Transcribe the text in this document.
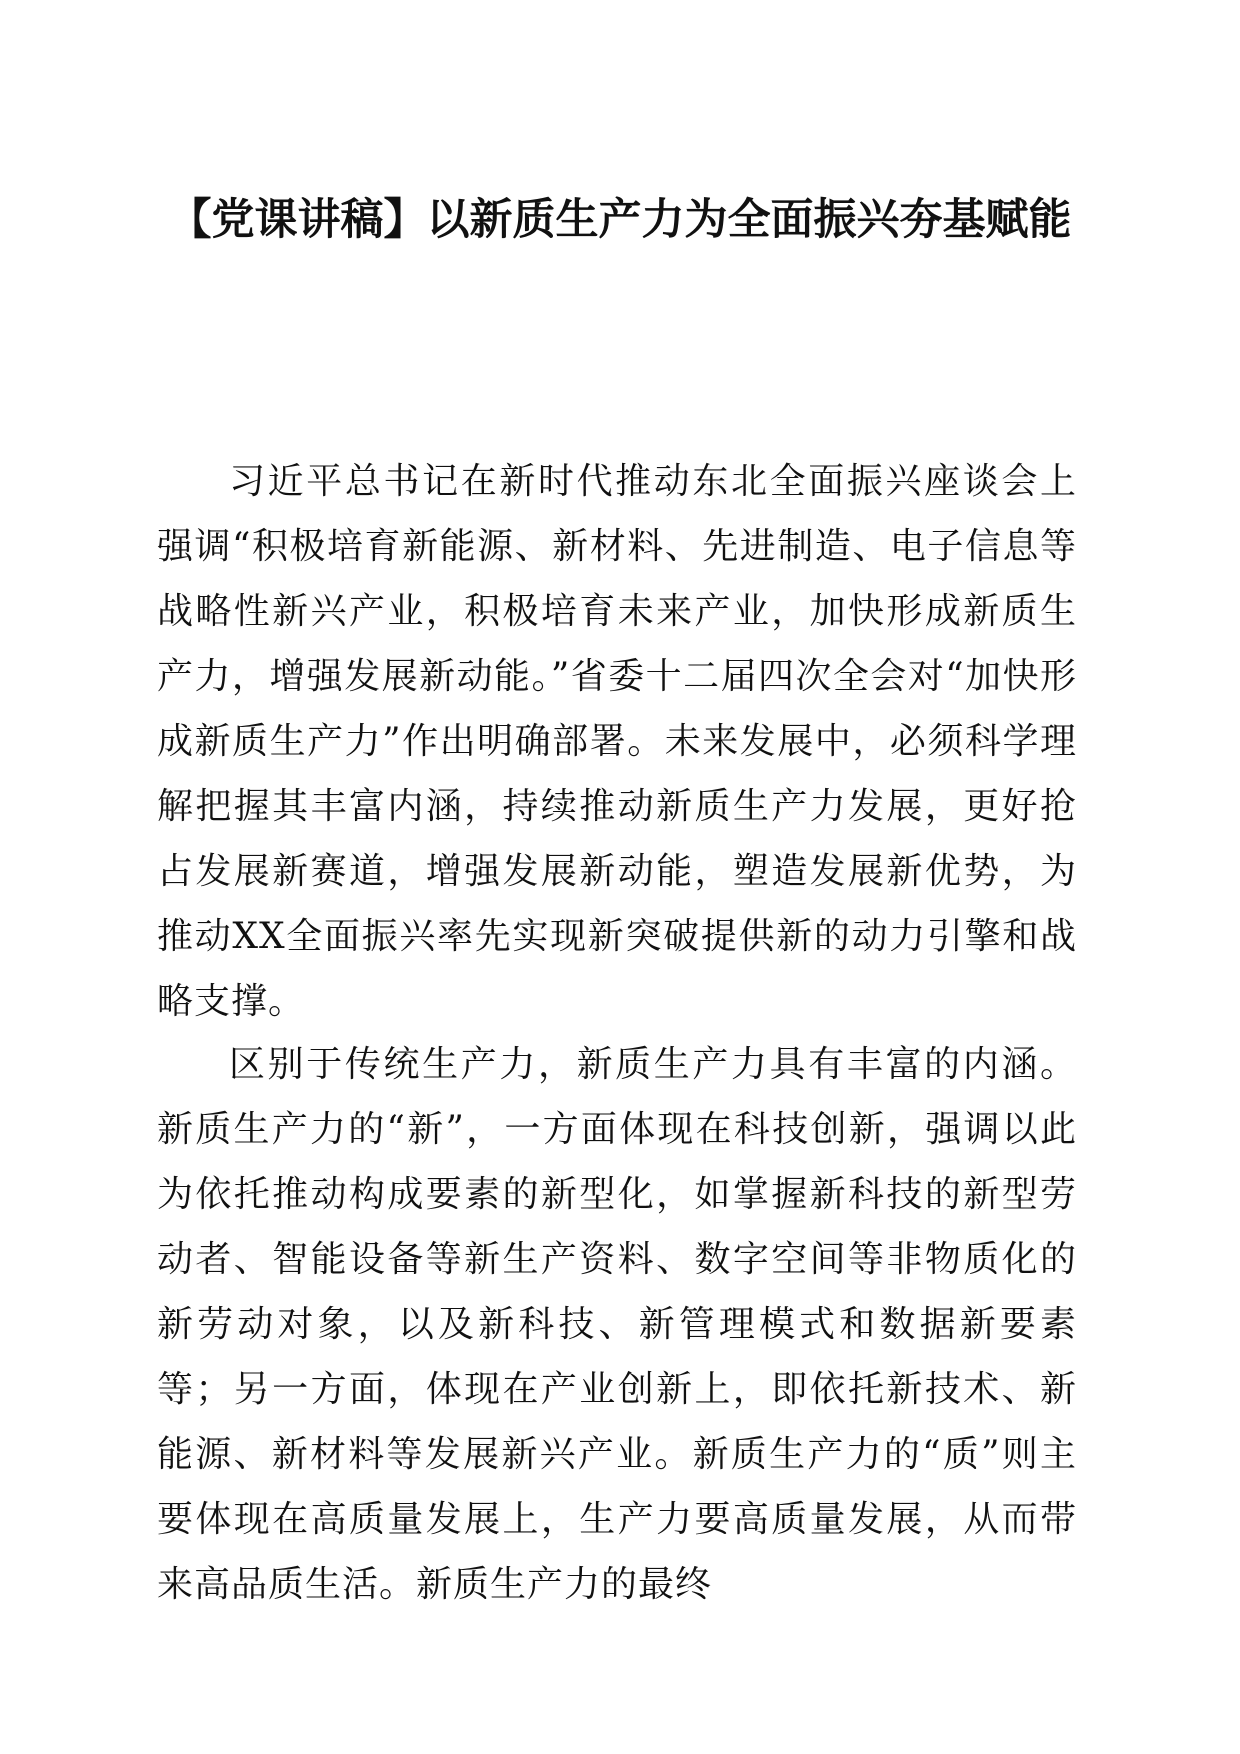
【党课讲稿】以新质生产力为全面振兴夯基赋能

习近平总书记在新时代推动东北全面振兴座谈会上强调“积极培育新能源、新材料、先进制造、电子信息等战略性新兴产业，积极培育未来产业，加快形成新质生产力，增强发展新动能。”省委十二届四次全会对“加快形成新质生产力”作出明确部署。未来发展中，必须科学理解把握其丰富内涵，持续推动新质生产力发展，更好抢占发展新赛道，增强发展新动能，塑造发展新优势，为推动XX全面振兴率先实现新突破提供新的动力引擎和战略支撑。

区别于传统生产力，新质生产力具有丰富的内涵。新质生产力的“新”，一方面体现在科技创新，强调以此为依托推动构成要素的新型化，如掌握新科技的新型劳动者、智能设备等新生产资料、数字空间等非物质化的新劳动对象，以及新科技、新管理模式和数据新要素等；另一方面，体现在产业创新上，即依托新技术、新能源、新材料等发展新兴产业。新质生产力的“质”则主要体现在高质量发展上，生产力要高质量发展，从而带来高品质生活。新质生产力的最终
